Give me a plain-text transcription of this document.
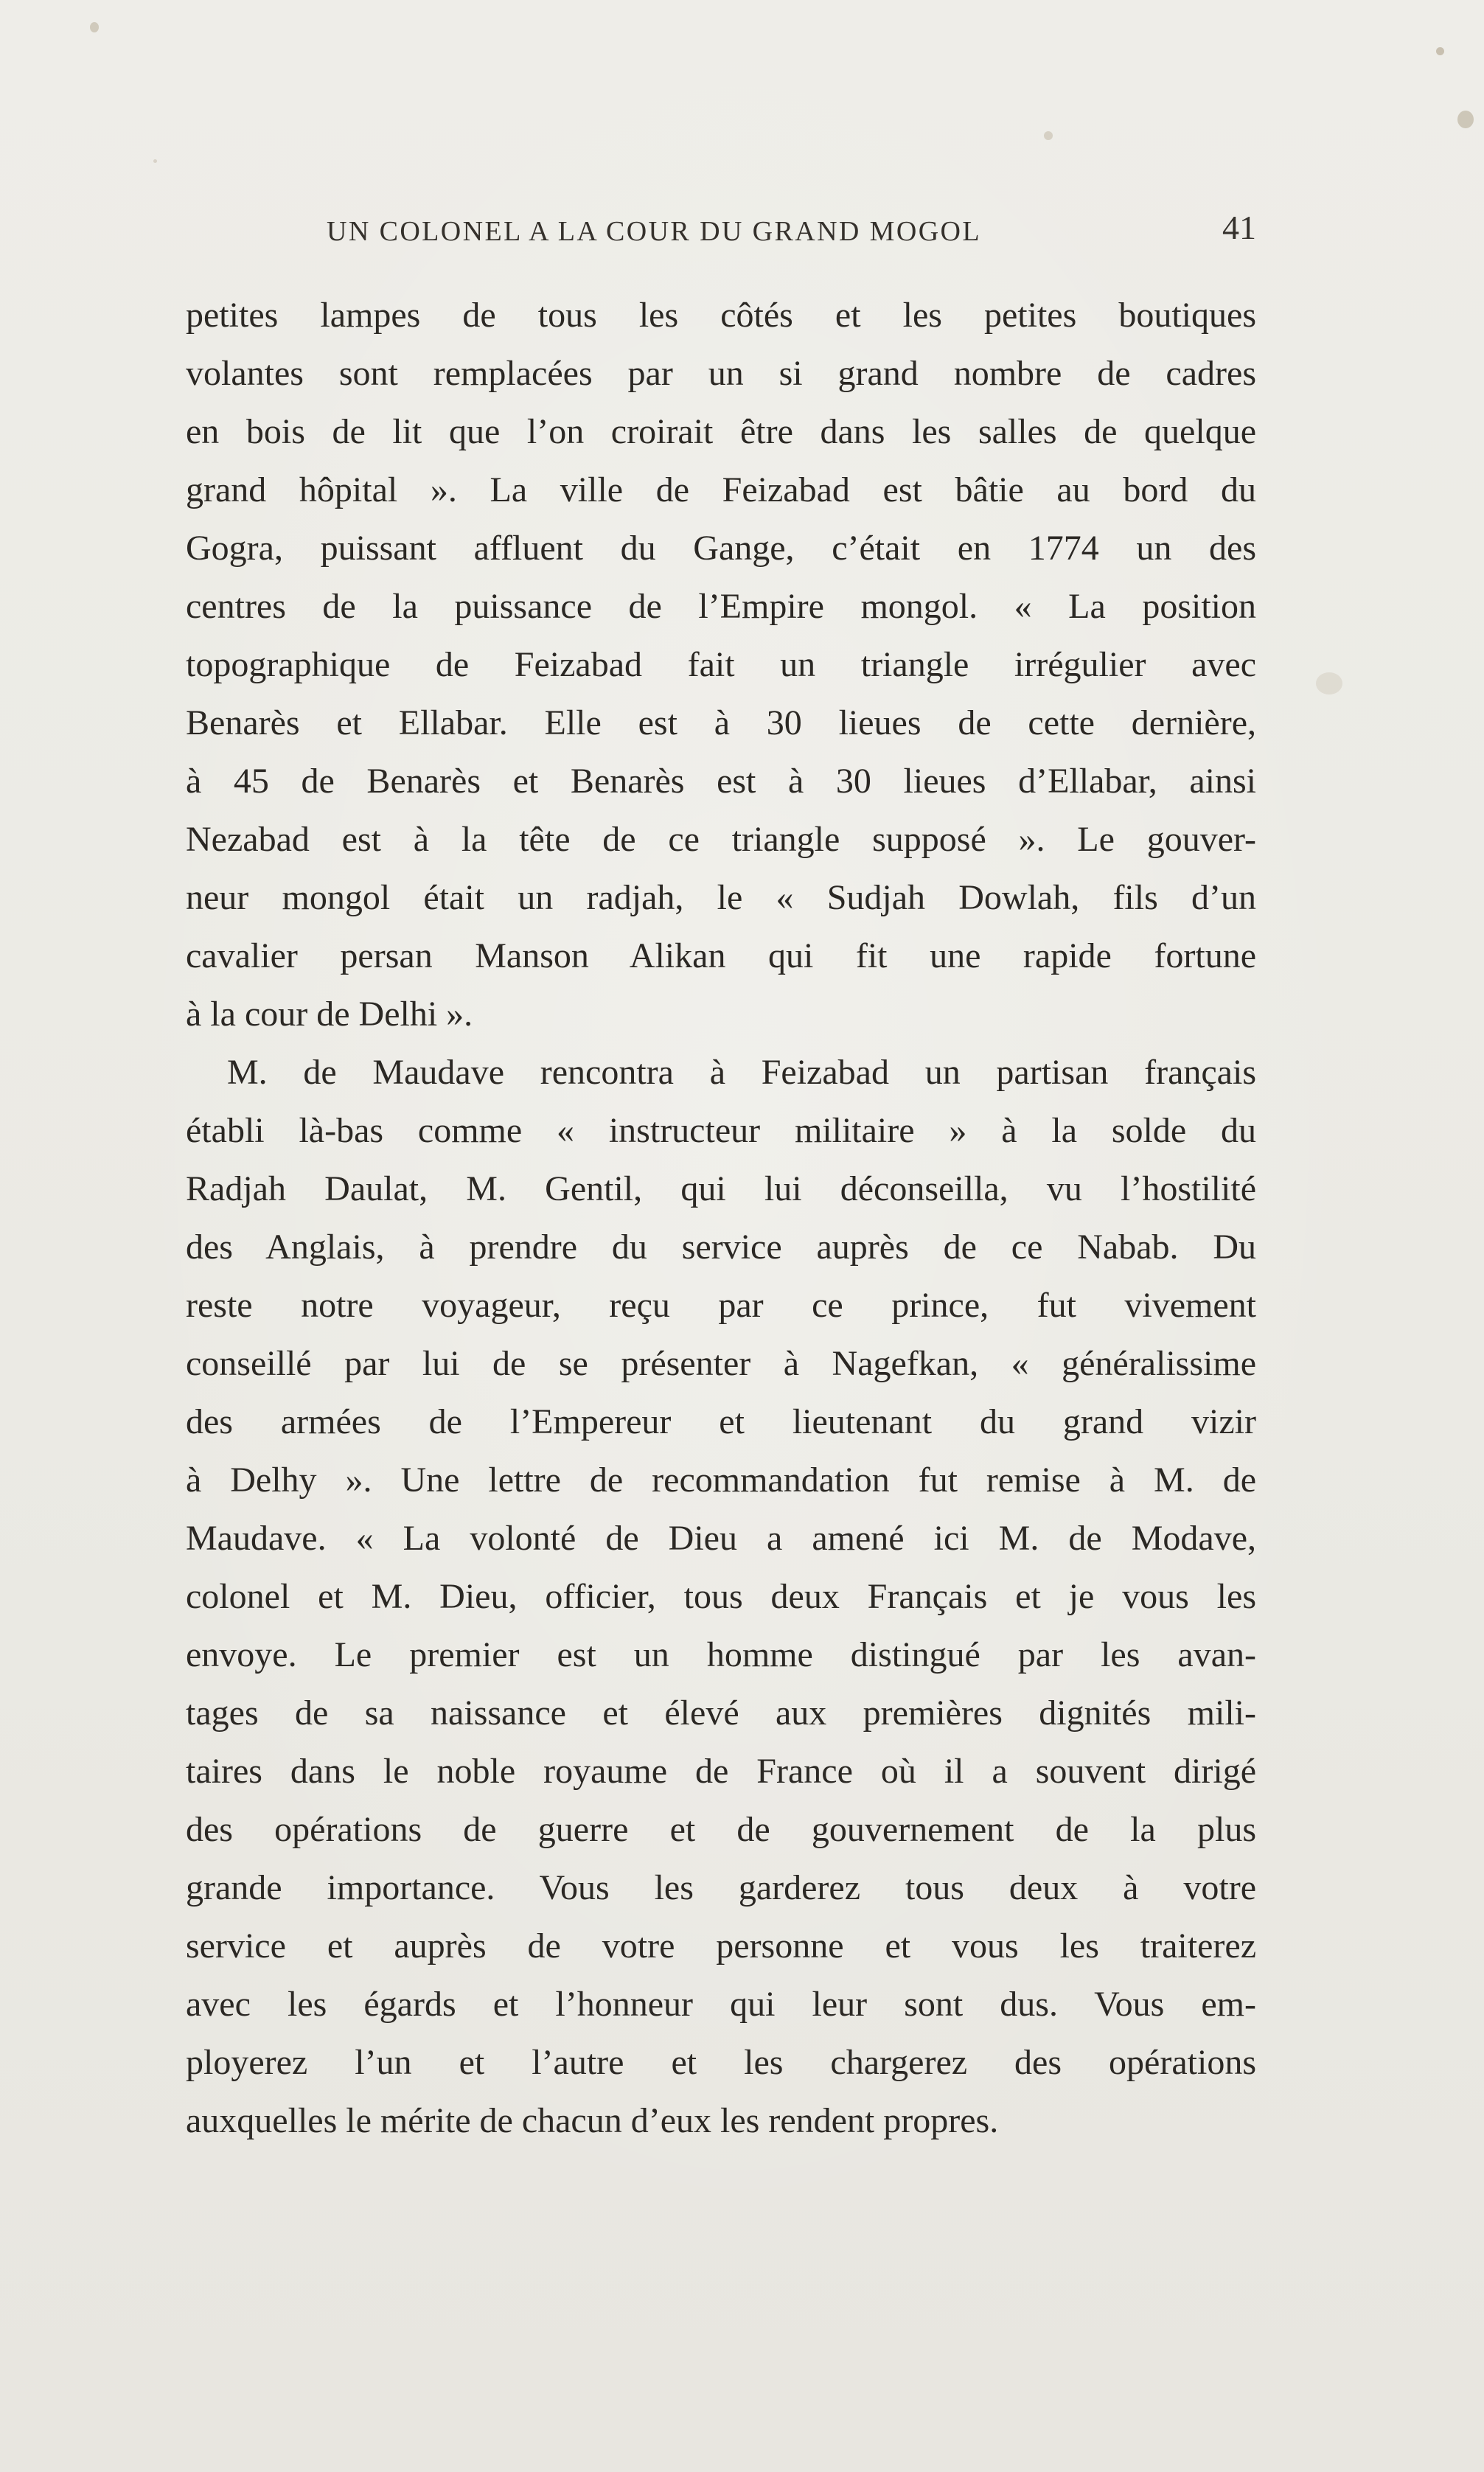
UN COLONEL A LA COUR DU GRAND MOGOL	41
petites lampes de tous les côtés et les petites boutiques
volantes sont remplacées par un si grand nombre de cadres
en bois de lit que l’on croirait être dans les salles de quelque
grand hôpital ». La ville de Feizabad est bâtie au bord du
Gogra, puissant affluent du Gange, c’était en 1774 un des
centres de la puissance de l’Empire mongol. « La position
topographique de Feizabad fait un triangle irrégulier avec
Benarès et Ellabar. Elle est à 30 lieues de cette dernière,
à 45 de Benarès et Benarès est à 30 lieues d’Ellabar, ainsi
Nezabad est à la tête de ce triangle supposé ». Le gouver-
neur mongol était un radjah, le « Sudjah Dowlah, fils d’un
cavalier persan Manson Alikan qui fit une rapide fortune
à la cour de Delhi ».
M. de Maudave rencontra à Feizabad un partisan français
établi là-bas comme « instructeur militaire » à la solde du
Radjah Daulat, M. Gentil, qui lui déconseilla, vu l’hostilité
des Anglais, à prendre du service auprès de ce Nabab. Du
reste notre voyageur, reçu par ce prince, fut vivement
conseillé par lui de se présenter à Nagefkan, « généralissime
des armées de l’Empereur et lieutenant du grand vizir
à Delhy ». Une lettre de recommandation fut remise à M. de
Maudave. « La volonté de Dieu a amené ici M. de Modave,
colonel et M. Dieu, officier, tous deux Français et je vous les
envoye. Le premier est un homme distingué par les avan-
tages de sa naissance et élevé aux premières dignités mili-
taires dans le noble royaume de France où il a souvent dirigé
des opérations de guerre et de gouvernement de la plus
grande importance. Vous les garderez tous deux à votre
service et auprès de votre personne et vous les traiterez
avec les égards et l’honneur qui leur sont dus. Vous em-
ployerez l’un et l’autre et les chargerez des opérations
auxquelles le mérite de chacun d’eux les rendent propres.
